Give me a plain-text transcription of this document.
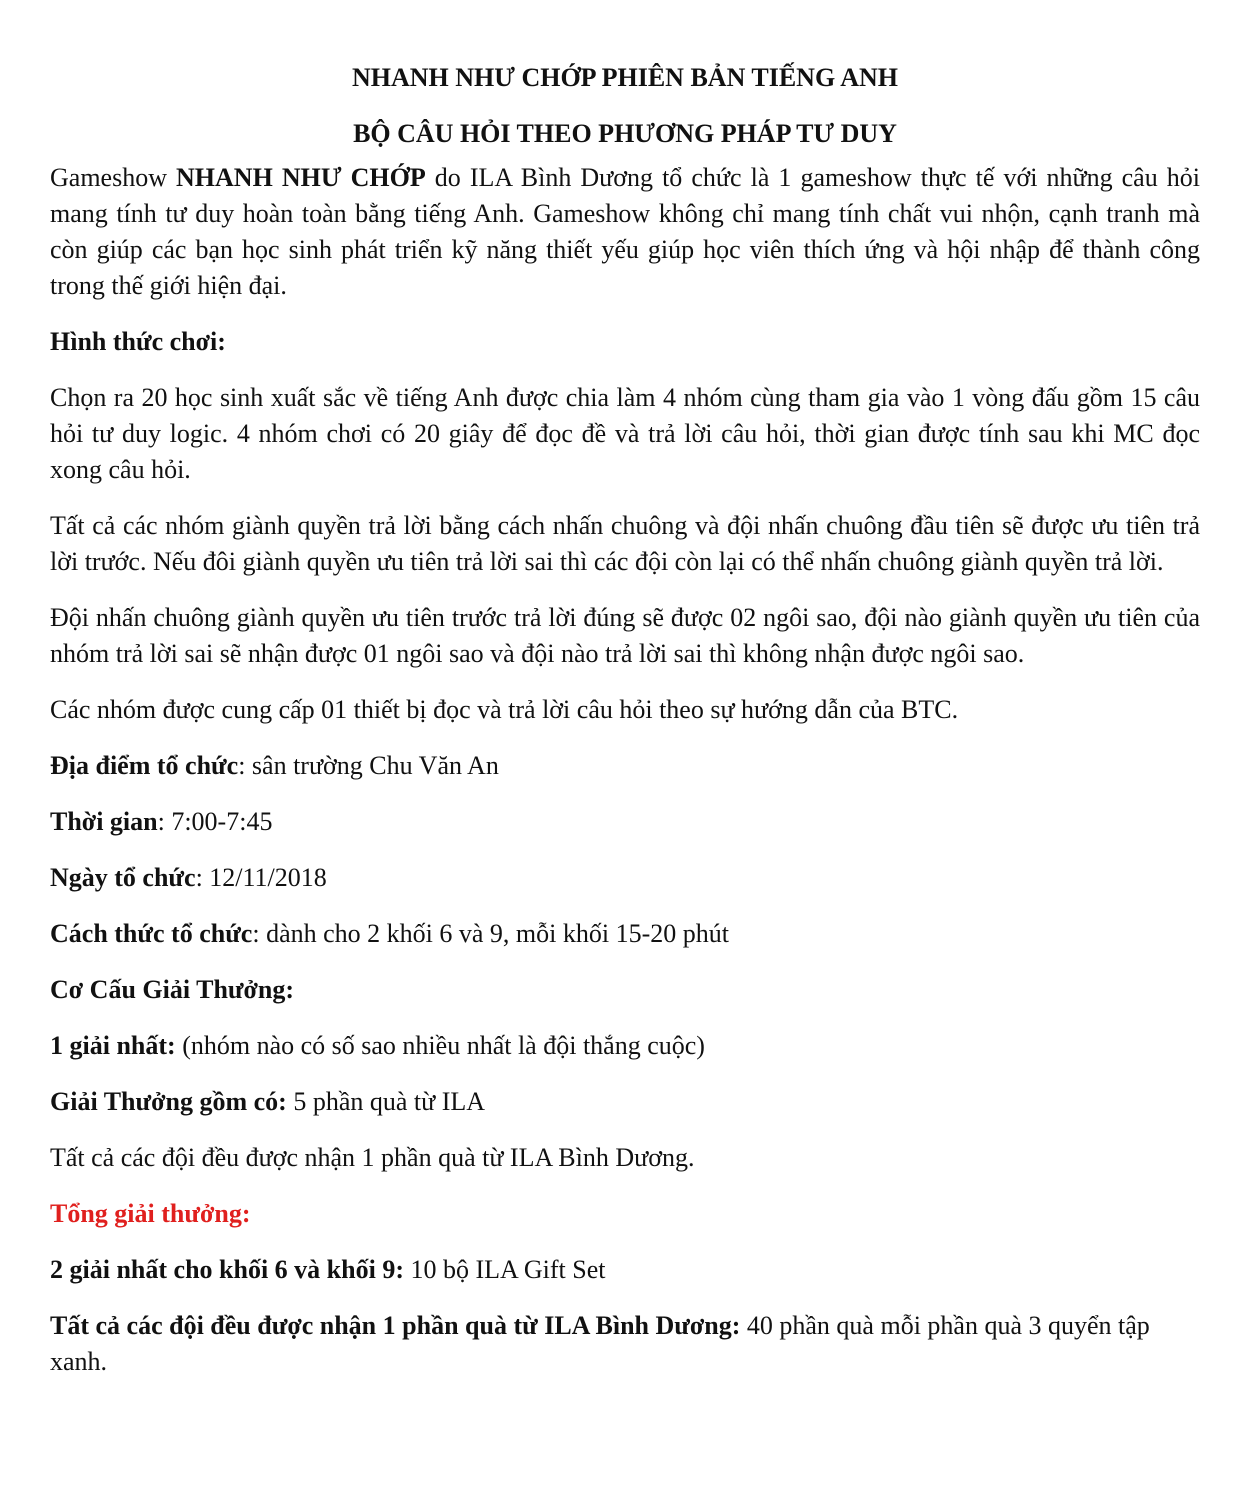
NHANH NHƯ CHỚP PHIÊN BẢN TIẾNG ANH
BỘ CÂU HỎI THEO PHƯƠNG PHÁP TƯ DUY

Gameshow NHANH NHƯ CHỚP do ILA Bình Dương tổ chức là 1 gameshow thực tế với những câu hỏi mang tính tư duy hoàn toàn bằng tiếng Anh. Gameshow không chỉ mang tính chất vui nhộn, cạnh tranh mà còn giúp các bạn học sinh phát triển kỹ năng thiết yếu giúp học viên thích ứng và hội nhập để thành công trong thế giới hiện đại.

Hình thức chơi:

Chọn ra 20 học sinh xuất sắc về tiếng Anh được chia làm 4 nhóm cùng tham gia vào 1 vòng đấu gồm 15 câu hỏi tư duy logic. 4 nhóm chơi có 20 giây để đọc đề và trả lời câu hỏi, thời gian được tính sau khi MC đọc xong câu hỏi.

Tất cả các nhóm giành quyền trả lời bằng cách nhấn chuông và đội nhấn chuông đầu tiên sẽ được ưu tiên trả lời trước. Nếu đôi giành quyền ưu tiên trả lời sai thì các đội còn lại có thể nhấn chuông giành quyền trả lời.

Đội nhấn chuông giành quyền ưu tiên trước trả lời đúng sẽ được 02 ngôi sao, đội nào giành quyền ưu tiên của nhóm trả lời sai sẽ nhận được 01 ngôi sao và đội nào trả lời sai thì không nhận được ngôi sao.

Các nhóm được cung cấp 01 thiết bị đọc và trả lời câu hỏi theo sự hướng dẫn của BTC.

Địa điểm tổ chức: sân trường Chu Văn An

Thời gian: 7:00-7:45

Ngày tổ chức: 12/11/2018

Cách thức tổ chức: dành cho 2 khối 6 và 9, mỗi khối 15-20 phút

Cơ Cấu Giải Thưởng:

1 giải nhất: (nhóm nào có số sao nhiều nhất là đội thắng cuộc)

Giải Thưởng gồm có: 5 phần quà từ ILA

Tất cả các đội đều được nhận 1 phần quà từ ILA Bình Dương.

Tổng giải thưởng:

2 giải nhất cho khối 6 và khối 9: 10 bộ ILA Gift Set

Tất cả các đội đều được nhận 1 phần quà từ ILA Bình Dương: 40 phần quà mỗi phần quà 3 quyển tập xanh.
